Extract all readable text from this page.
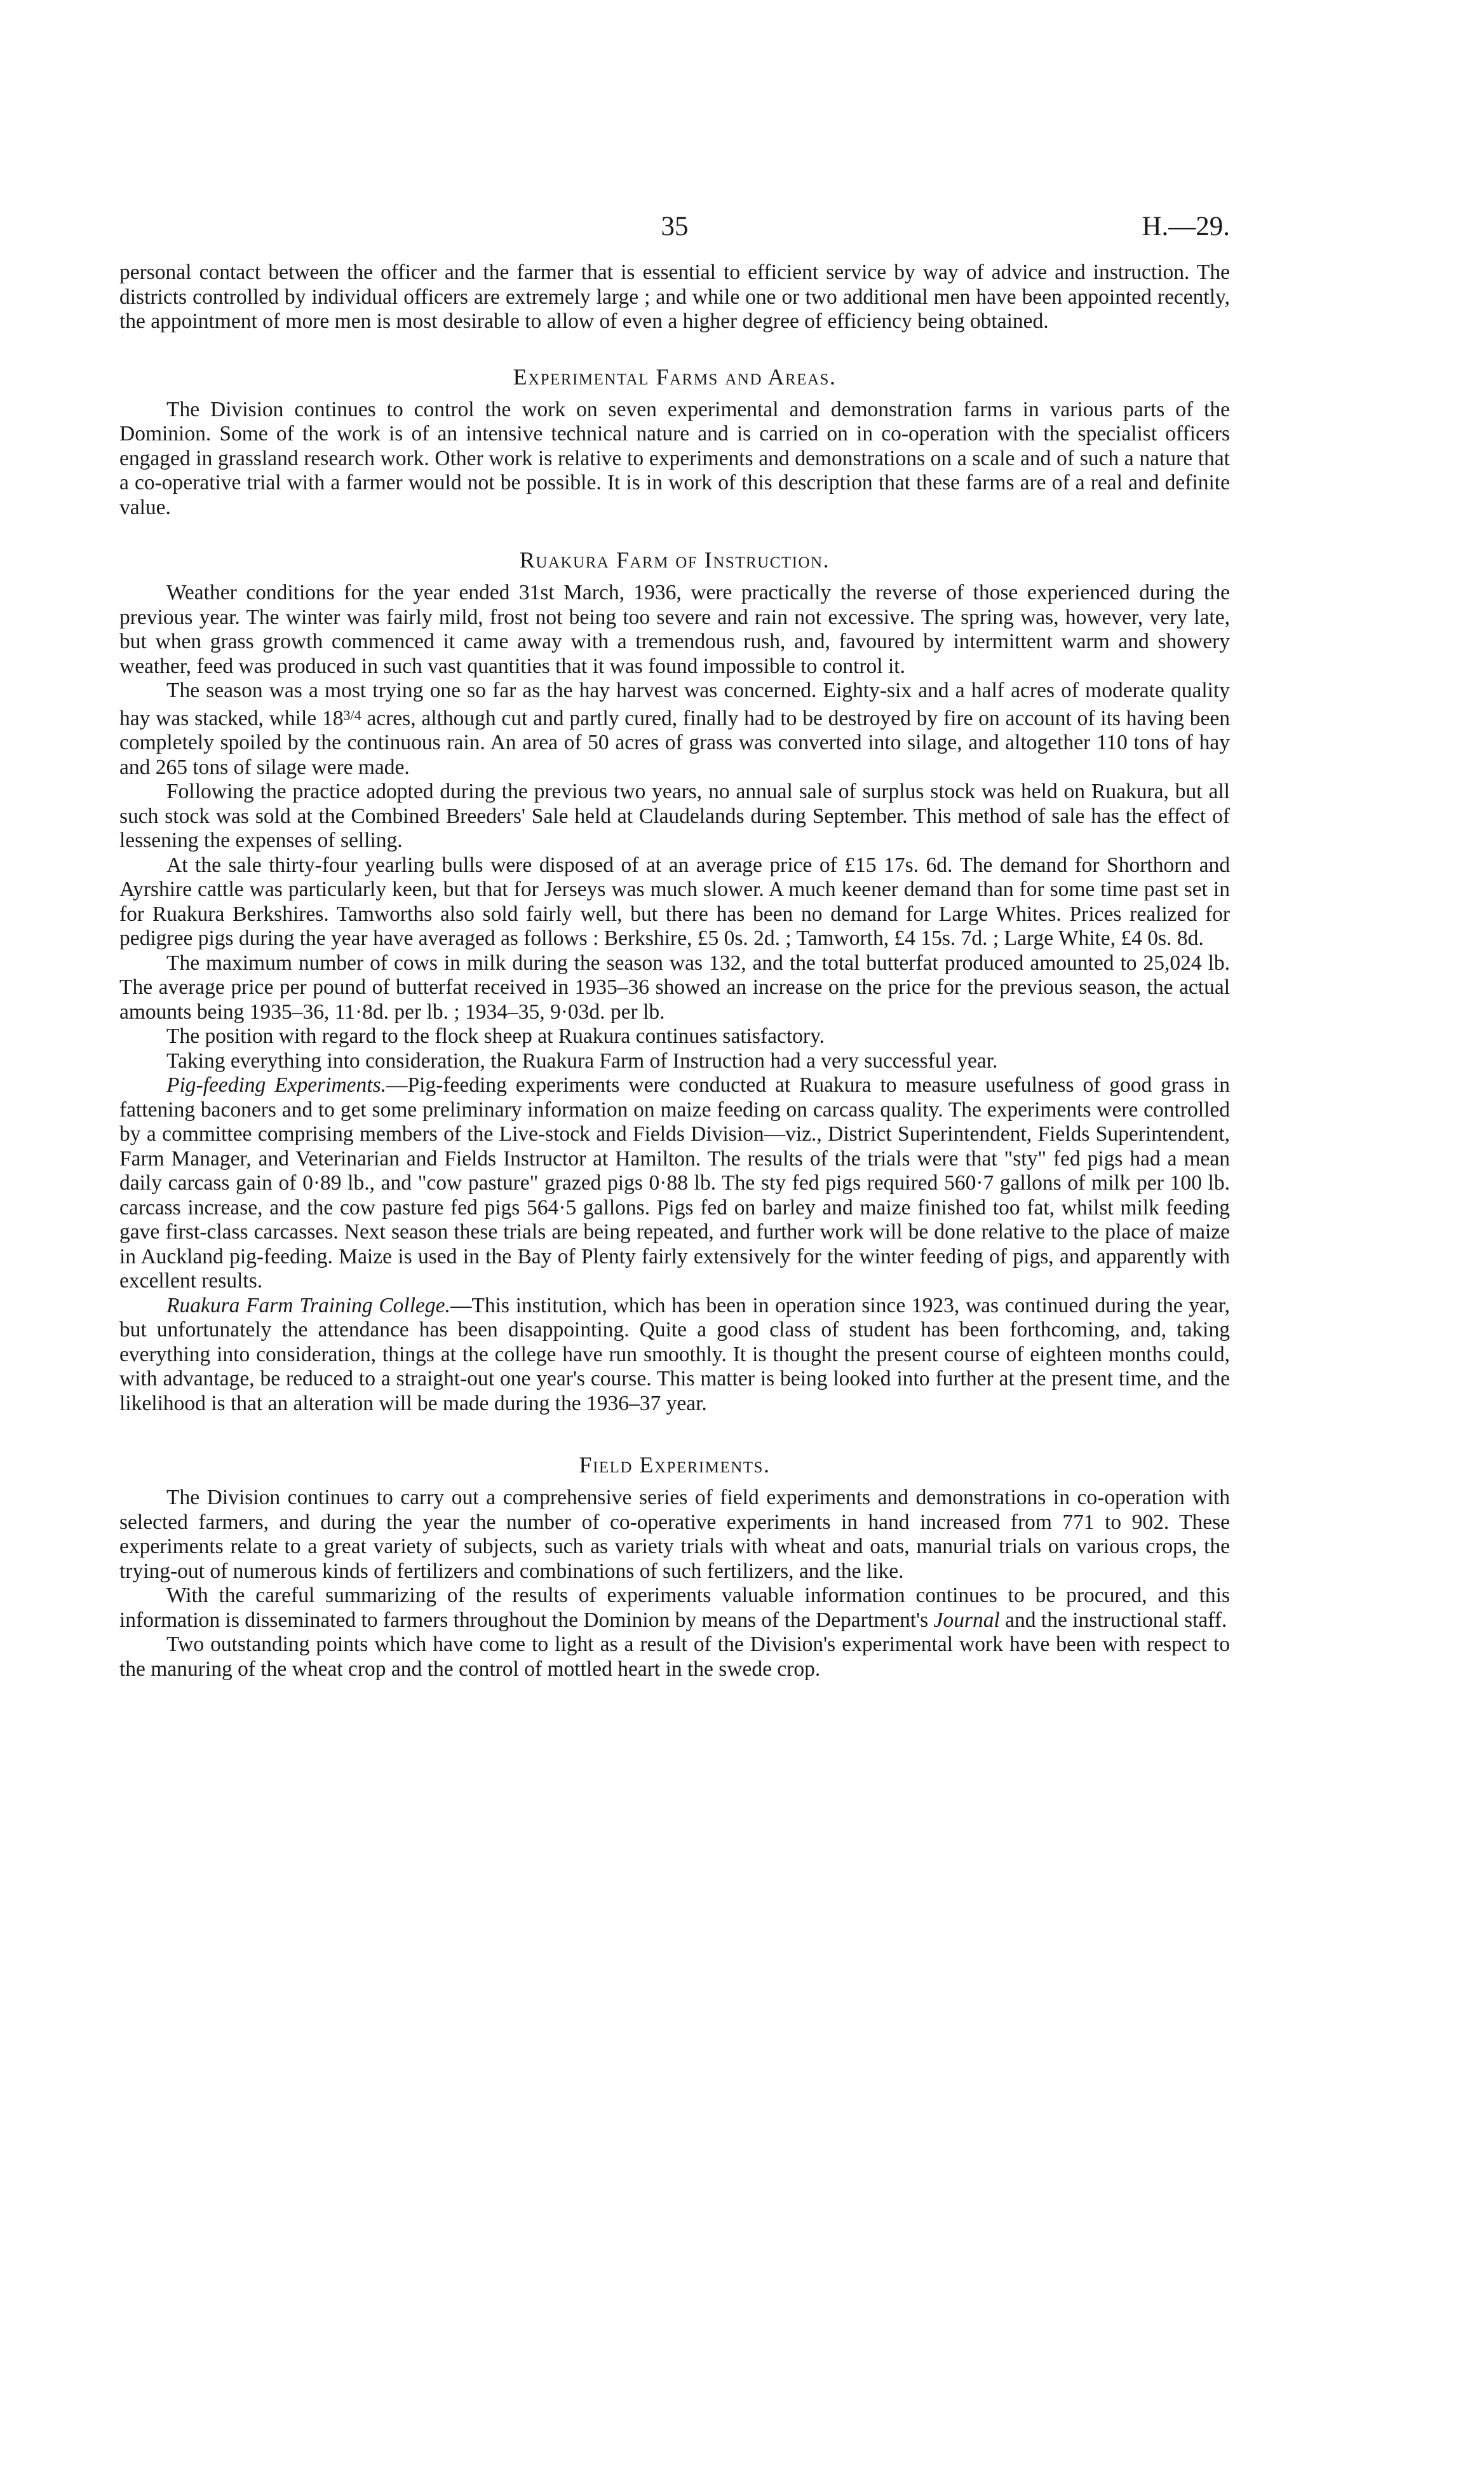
35	H.—29.

personal contact between the officer and the farmer that is essential to efficient service by way of advice and instruction. The districts controlled by individual officers are extremely large ; and while one or two additional men have been appointed recently, the appointment of more men is most desirable to allow of even a higher degree of efficiency being obtained.

Experimental Farms and Areas.

The Division continues to control the work on seven experimental and demonstration farms in various parts of the Dominion. Some of the work is of an intensive technical nature and is carried on in co-operation with the specialist officers engaged in grassland research work. Other work is relative to experiments and demonstrations on a scale and of such a nature that a co-operative trial with a farmer would not be possible. It is in work of this description that these farms are of a real and definite value.

Ruakura Farm of Instruction.

Weather conditions for the year ended 31st March, 1936, were practically the reverse of those experienced during the previous year. The winter was fairly mild, frost not being too severe and rain not excessive. The spring was, however, very late, but when grass growth commenced it came away with a tremendous rush, and, favoured by intermittent warm and showery weather, feed was produced in such vast quantities that it was found impossible to control it.

The season was a most trying one so far as the hay harvest was concerned. Eighty-six and a half acres of moderate quality hay was stacked, while $18^{3/4}$ acres, although cut and partly cured, finally had to be destroyed by fire on account of its having been completely spoiled by the continuous rain. An area of 50 acres of grass was converted into silage, and altogether 110 tons of hay and 265 tons of silage were made.

Following the practice adopted during the previous two years, no annual sale of surplus stock was held on Ruakura, but all such stock was sold at the Combined Breeders' Sale held at Claudelands during September. This method of sale has the effect of lessening the expenses of selling.

At the sale thirty-four yearling bulls were disposed of at an average price of £15 17s. 6d. The demand for Shorthorn and Ayrshire cattle was particularly keen, but that for Jerseys was much slower. A much keener demand than for some time past set in for Ruakura Berkshires. Tamworths also sold fairly well, but there has been no demand for Large Whites. Prices realized for pedigree pigs during the year have averaged as follows : Berkshire, £5 0s. 2d. ; Tamworth, £4 15s. 7d. ; Large White, £4 0s. 8d.

The maximum number of cows in milk during the season was 132, and the total butterfat produced amounted to 25,024 lb. The average price per pound of butterfat received in 1935–36 showed an increase on the price for the previous season, the actual amounts being 1935–36, 11·8d. per lb. ; 1934–35, 9·03d. per lb.

The position with regard to the flock sheep at Ruakura continues satisfactory.

Taking everything into consideration, the Ruakura Farm of Instruction had a very successful year.

Pig-feeding Experiments.—Pig-feeding experiments were conducted at Ruakura to measure usefulness of good grass in fattening baconers and to get some preliminary information on maize feeding on carcass quality. The experiments were controlled by a committee comprising members of the Live-stock and Fields Division—viz., District Superintendent, Fields Superintendent, Farm Manager, and Veterinarian and Fields Instructor at Hamilton. The results of the trials were that "sty" fed pigs had a mean daily carcass gain of 0·89 lb., and "cow pasture" grazed pigs 0·88 lb. The sty fed pigs required 560·7 gallons of milk per 100 lb. carcass increase, and the cow pasture fed pigs 564·5 gallons. Pigs fed on barley and maize finished too fat, whilst milk feeding gave first-class carcasses. Next season these trials are being repeated, and further work will be done relative to the place of maize in Auckland pig-feeding. Maize is used in the Bay of Plenty fairly extensively for the winter feeding of pigs, and apparently with excellent results.

Ruakura Farm Training College.—This institution, which has been in operation since 1923, was continued during the year, but unfortunately the attendance has been disappointing. Quite a good class of student has been forthcoming, and, taking everything into consideration, things at the college have run smoothly. It is thought the present course of eighteen months could, with advantage, be reduced to a straight-out one year's course. This matter is being looked into further at the present time, and the likelihood is that an alteration will be made during the 1936–37 year.

Field Experiments.

The Division continues to carry out a comprehensive series of field experiments and demonstrations in co-operation with selected farmers, and during the year the number of co-operative experiments in hand increased from 771 to 902. These experiments relate to a great variety of subjects, such as variety trials with wheat and oats, manurial trials on various crops, the trying-out of numerous kinds of fertilizers and combinations of such fertilizers, and the like.

With the careful summarizing of the results of experiments valuable information continues to be procured, and this information is disseminated to farmers throughout the Dominion by means of the Department's Journal and the instructional staff.

Two outstanding points which have come to light as a result of the Division's experimental work have been with respect to the manuring of the wheat crop and the control of mottled heart in the swede crop.
